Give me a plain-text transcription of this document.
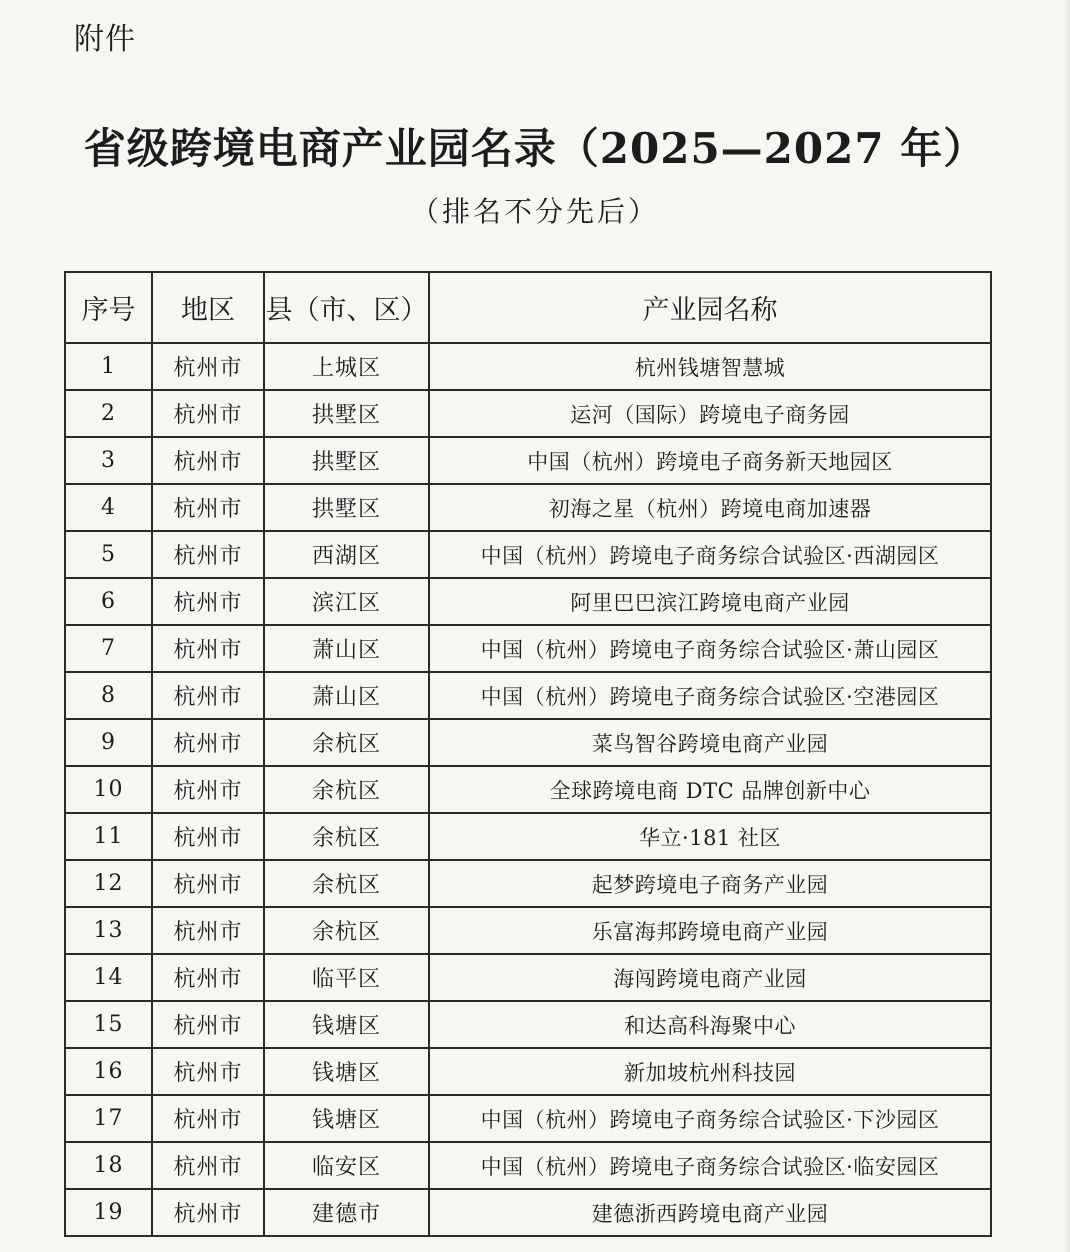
附件
省级跨境电商产业园名录（2025—2027 年）
（排名不分先后）
序号	地区	县（市、区）	产业园名称
1	杭州市	上城区	杭州钱塘智慧城
2	杭州市	拱墅区	运河（国际）跨境电子商务园
3	杭州市	拱墅区	中国（杭州）跨境电子商务新天地园区
4	杭州市	拱墅区	初海之星（杭州）跨境电商加速器
5	杭州市	西湖区	中国（杭州）跨境电子商务综合试验区·西湖园区
6	杭州市	滨江区	阿里巴巴滨江跨境电商产业园
7	杭州市	萧山区	中国（杭州）跨境电子商务综合试验区·萧山园区
8	杭州市	萧山区	中国（杭州）跨境电子商务综合试验区·空港园区
9	杭州市	余杭区	菜鸟智谷跨境电商产业园
10	杭州市	余杭区	全球跨境电商 DTC 品牌创新中心
11	杭州市	余杭区	华立·181 社区
12	杭州市	余杭区	起梦跨境电子商务产业园
13	杭州市	余杭区	乐富海邦跨境电商产业园
14	杭州市	临平区	海闯跨境电商产业园
15	杭州市	钱塘区	和达高科海聚中心
16	杭州市	钱塘区	新加坡杭州科技园
17	杭州市	钱塘区	中国（杭州）跨境电子商务综合试验区·下沙园区
18	杭州市	临安区	中国（杭州）跨境电子商务综合试验区·临安园区
19	杭州市	建德市	建德浙西跨境电商产业园
